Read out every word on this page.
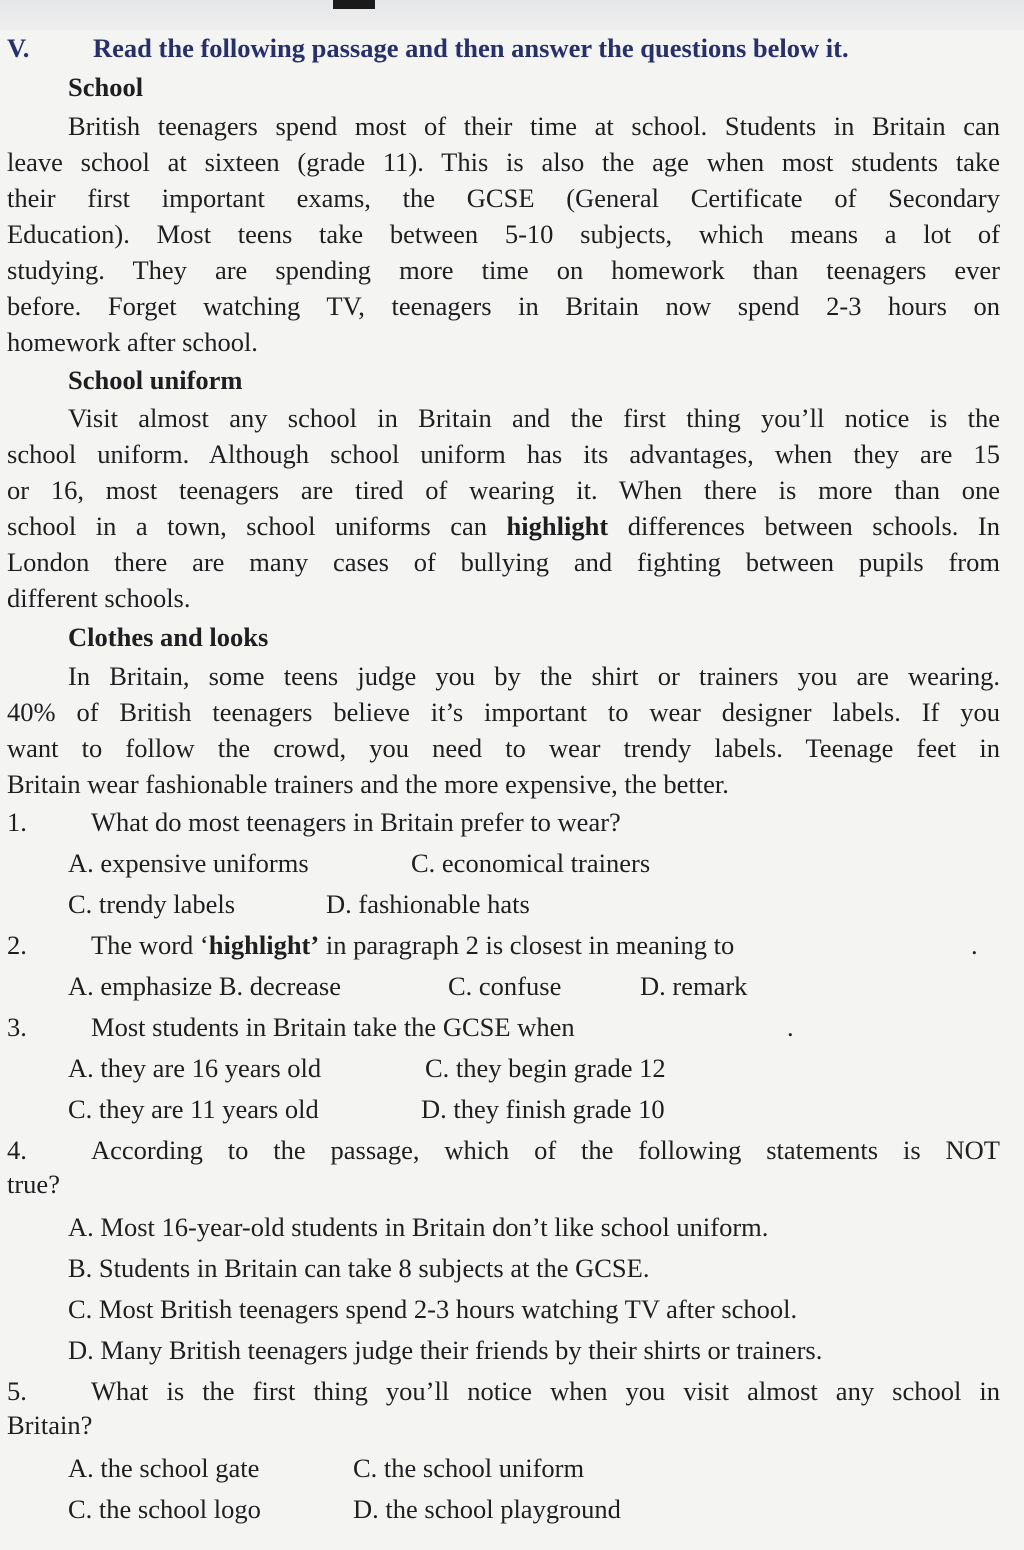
V. Read the following passage and then answer the questions below it.
School
British teenagers spend most of their time at school. Students in Britain can
leave school at sixteen (grade 11). This is also the age when most students take
their first important exams, the GCSE (General Certificate of Secondary
Education). Most teens take between 5-10 subjects, which means a lot of
studying. They are spending more time on homework than teenagers ever
before. Forget watching TV, teenagers in Britain now spend 2-3 hours on
homework after school.
School uniform
Visit almost any school in Britain and the first thing you’ll notice is the
school uniform. Although school uniform has its advantages, when they are 15
or 16, most teenagers are tired of wearing it. When there is more than one
school in a town, school uniforms can highlight differences between schools. In
London there are many cases of bullying and fighting between pupils from
different schools.
Clothes and looks
In Britain, some teens judge you by the shirt or trainers you are wearing.
40% of British teenagers believe it’s important to wear designer labels. If you
want to follow the crowd, you need to wear trendy labels. Teenage feet in
Britain wear fashionable trainers and the more expensive, the better.
1. What do most teenagers in Britain prefer to wear?
A. expensive uniforms	C. economical trainers
C. trendy labels	D. fashionable hats
2. The word ‘highlight’ in paragraph 2 is closest in meaning to	.
A. emphasize B. decrease	C. confuse	D. remark
3. Most students in Britain take the GCSE when	.
A. they are 16 years old	C. they begin grade 12
C. they are 11 years old	D. they finish grade 10
4. According to the passage, which of the following statements is NOT
true?
A. Most 16-year-old students in Britain don’t like school uniform.
B. Students in Britain can take 8 subjects at the GCSE.
C. Most British teenagers spend 2-3 hours watching TV after school.
D. Many British teenagers judge their friends by their shirts or trainers.
5. What is the first thing you’ll notice when you visit almost any school in
Britain?
A. the school gate	C. the school uniform
C. the school logo	D. the school playground
